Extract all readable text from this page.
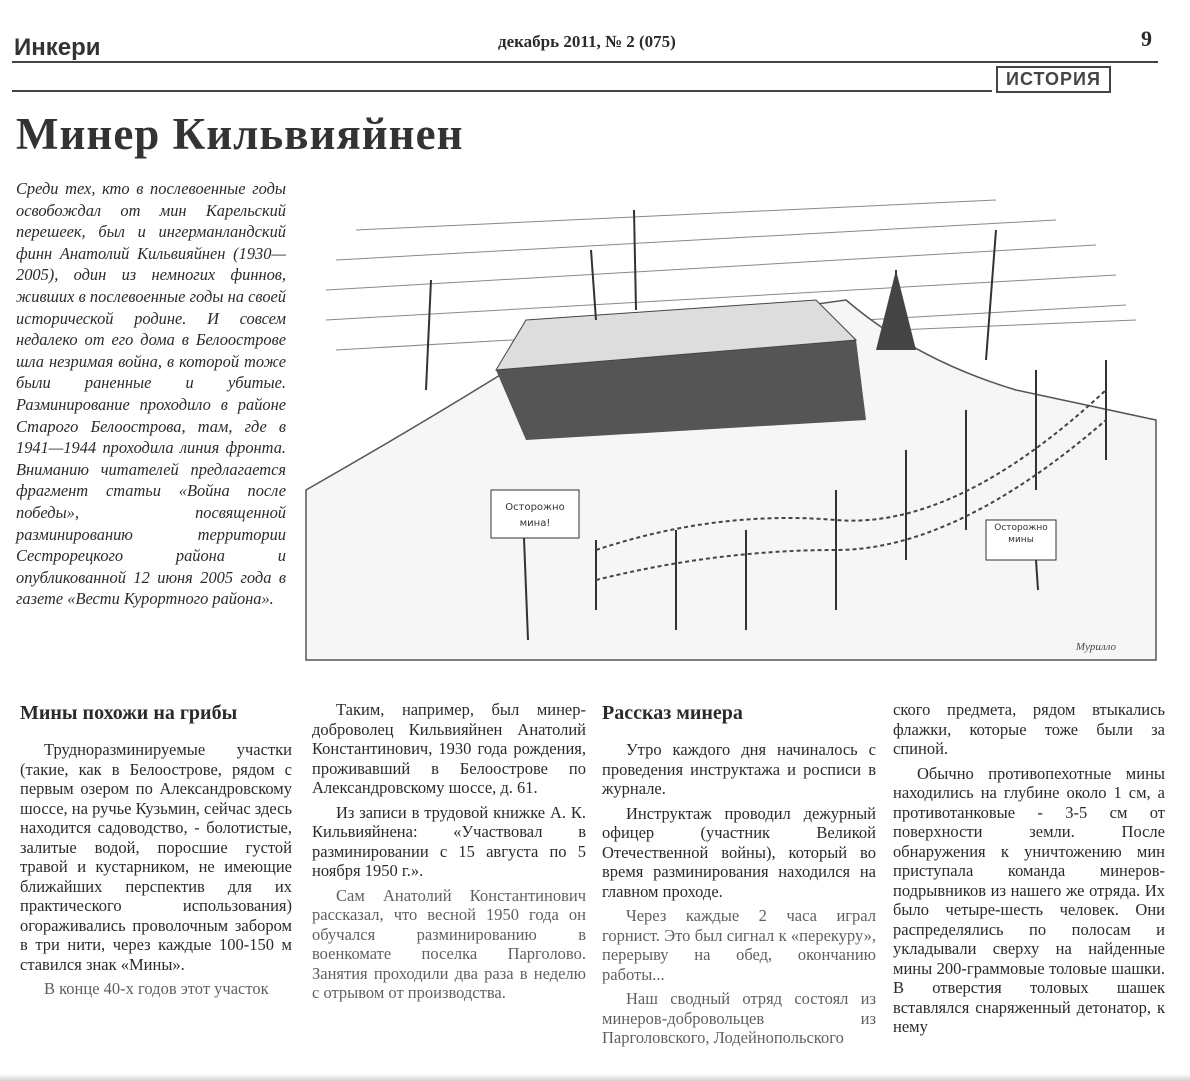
Инкери	декабрь 2011, № 2 (075)	9
ИСТОРИЯ
Минер Кильвияйнен
Среди тех, кто в послевоенные годы освобождал от мин Карельский перешеек, был и ингерманландский финн Анатолий Кильвияйнен (1930—2005), один из немногих финнов, живших в послевоенные годы на своей исторической родине. И совсем недалеко от его дома в Белоострове шла незримая война, в которой тоже были раненные и убитые. Разминирование проходило в районе Старого Белоострова, там, где в 1941—1944 проходила линия фронта. Вниманию читателей предлагается фрагмент статьи «Война после победы», посвященной разминированию территории Сестрорецкого района и опубликованной 12 июня 2005 года в газете «Вести Курортного района».
Осторожно
мина!	Осторожно мины
Мурилло
Мины похожи на грибы

Трудноразминируемые участки (такие, как в Белоострове, рядом с первым озером по Александровскому шоссе, на ручье Кузьмин, сейчас здесь находится садоводство, - болотистые, залитые водой, поросшие густой травой и кустарником, не имеющие ближайших перспектив для их практического использования) огораживались проволочным забором в три нити, через каждые 100-150 м ставился знак «Мины».

В конце 40-х годов этот участок

Таким, например, был минер-доброволец Кильвияйнен Анатолий Константинович, 1930 года рождения, проживавший в Белоострове по Александровскому шоссе, д. 61.

Из записи в трудовой книжке А. К. Кильвияйнена: «Участвовал в разминировании с 15 августа по 5 ноября 1950 г.».

Сам Анатолий Константинович рассказал, что весной 1950 года он обучался разминированию в военкомате поселка Парголово. Занятия проходили два раза в неделю с отрывом от производства.

Рассказ минера

Утро каждого дня начиналось с проведения инструктажа и росписи в журнале.

Инструктаж проводил дежурный офицер (участник Великой Отечественной войны), который во время разминирования находился на главном проходе.

Через каждые 2 часа играл горнист. Это был сигнал к «перекуру», перерыву на обед, окончанию работы...

Наш сводный отряд состоял из минеров-добровольцев из Парголовского, Лодейнопольского

ского предмета, рядом втыкались флажки, которые тоже были за спиной.

Обычно противопехотные мины находились на глубине около 1 см, а противотанковые - 3-5 см от поверхности земли. После обнаружения к уничтожению мин приступала команда минеров-подрывников из нашего же отряда. Их было четыре-шесть человек. Они распределялись по полосам и укладывали сверху на найденные мины 200-граммовые толовые шашки. В отверстия толовых шашек вставлялся снаряженный детонатор, к нему
